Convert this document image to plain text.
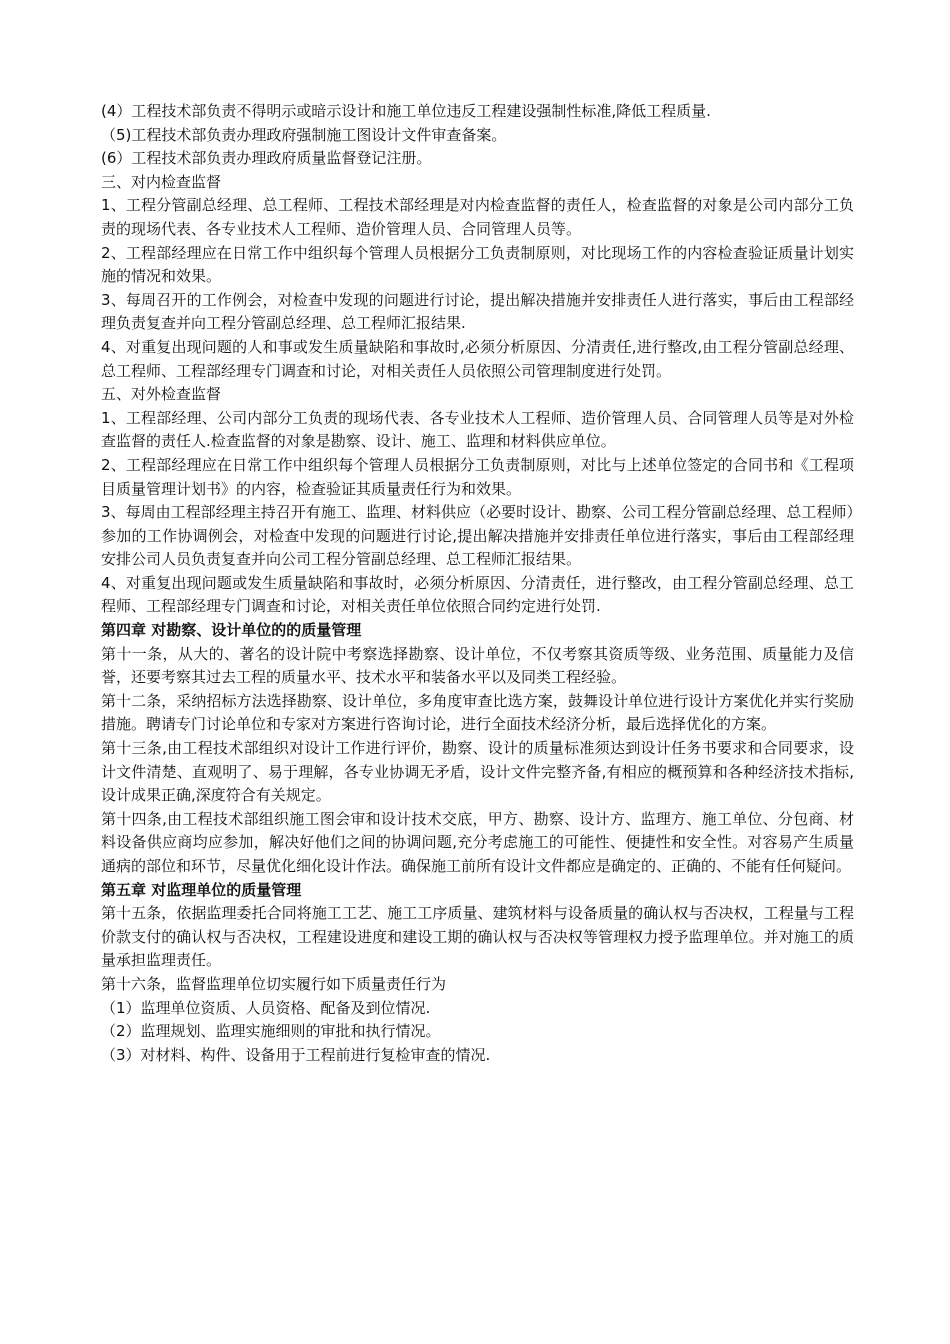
(4）工程技术部负责不得明示或暗示设计和施工单位违反工程建设强制性标准,降低工程质量.

（5)工程技术部负责办理政府强制施工图设计文件审查备案。

(6）工程技术部负责办理政府质量监督登记注册。

三、对内检查监督

1、工程分管副总经理、总工程师、工程技术部经理是对内检查监督的责任人，检查监督的对象是公司内部分工负责的现场代表、各专业技术人工程师、造价管理人员、合同管理人员等。

2、工程部经理应在日常工作中组织每个管理人员根据分工负责制原则，对比现场工作的内容检查验证质量计划实施的情况和效果。

3、每周召开的工作例会，对检查中发现的问题进行讨论，提出解决措施并安排责任人进行落实，事后由工程部经理负责复查并向工程分管副总经理、总工程师汇报结果.

4、对重复出现问题的人和事或发生质量缺陷和事故时,必须分析原因、分清责任,进行整改,由工程分管副总经理、总工程师、工程部经理专门调查和讨论，对相关责任人员依照公司管理制度进行处罚。

五、对外检查监督

1、工程部经理、公司内部分工负责的现场代表、各专业技术人工程师、造价管理人员、合同管理人员等是对外检查监督的责任人.检查监督的对象是勘察、设计、施工、监理和材料供应单位。

2、工程部经理应在日常工作中组织每个管理人员根据分工负责制原则，对比与上述单位签定的合同书和《工程项目质量管理计划书》的内容，检查验证其质量责任行为和效果。

3、每周由工程部经理主持召开有施工、监理、材料供应（必要时设计、勘察、公司工程分管副总经理、总工程师）参加的工作协调例会，对检查中发现的问题进行讨论,提出解决措施并安排责任单位进行落实，事后由工程部经理安排公司人员负责复查并向公司工程分管副总经理、总工程师汇报结果。

4、对重复出现问题或发生质量缺陷和事故时，必须分析原因、分清责任，进行整改，由工程分管副总经理、总工程师、工程部经理专门调查和讨论，对相关责任单位依照合同约定进行处罚.

第四章 对勘察、设计单位的的质量管理

第十一条，从大的、著名的设计院中考察选择勘察、设计单位，不仅考察其资质等级、业务范围、质量能力及信誉，还要考察其过去工程的质量水平、技术水平和装备水平以及同类工程经验。

第十二条，采纳招标方法选择勘察、设计单位，多角度审查比选方案，鼓舞设计单位进行设计方案优化并实行奖励措施。聘请专门讨论单位和专家对方案进行咨询讨论，进行全面技术经济分析，最后选择优化的方案。

第十三条,由工程技术部组织对设计工作进行评价，勘察、设计的质量标准须达到设计任务书要求和合同要求，设计文件清楚、直观明了、易于理解，各专业协调无矛盾，设计文件完整齐备,有相应的概预算和各种经济技术指标,设计成果正确,深度符合有关规定。

第十四条,由工程技术部组织施工图会审和设计技术交底，甲方、勘察、设计方、监理方、施工单位、分包商、材料设备供应商均应参加，解决好他们之间的协调问题,充分考虑施工的可能性、便捷性和安全性。对容易产生质量通病的部位和环节，尽量优化细化设计作法。确保施工前所有设计文件都应是确定的、正确的、不能有任何疑问。

第五章 对监理单位的质量管理

第十五条，依据监理委托合同将施工工艺、施工工序质量、建筑材料与设备质量的确认权与否决权，工程量与工程价款支付的确认权与否决权，工程建设进度和建设工期的确认权与否决权等管理权力授予监理单位。并对施工的质量承担监理责任。

第十六条，监督监理单位切实履行如下质量责任行为

（1）监理单位资质、人员资格、配备及到位情况.

（2）监理规划、监理实施细则的审批和执行情况。

（3）对材料、构件、设备用于工程前进行复检审查的情况.
